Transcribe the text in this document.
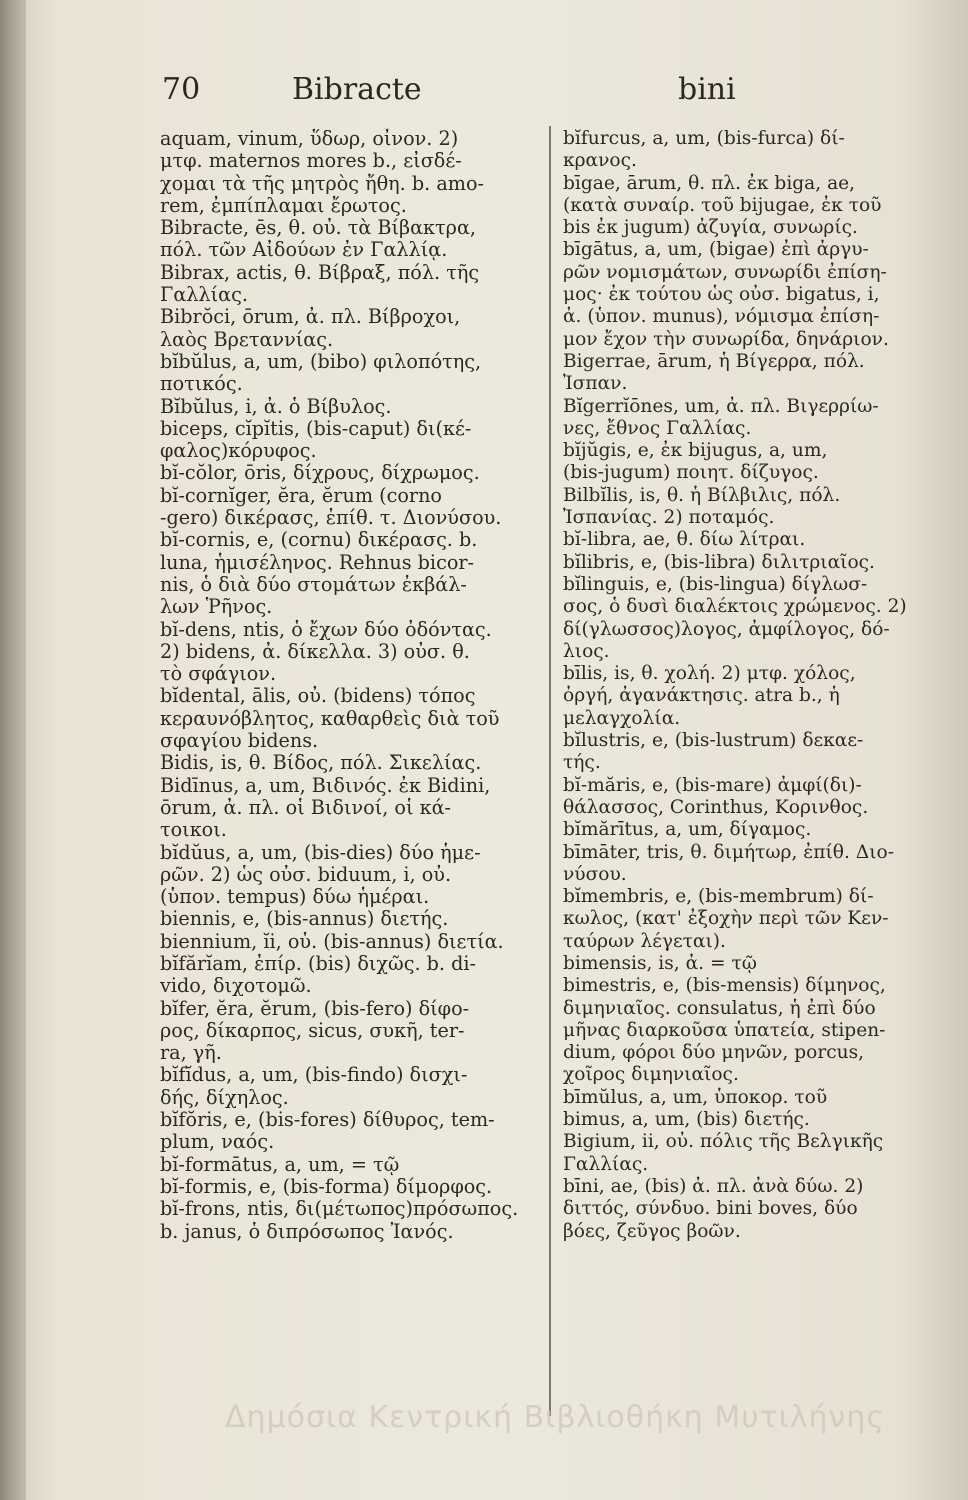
70	Bibracte	bini
aquam, vinum, ὕδωρ, οἶνον. 2)
μτφ. maternos mores b., εἰσδέ-
χομαι τὰ τῆς μητρὸς ἤθη. b. amo-
rem, ἐμπίπλαμαι ἔρωτος.
Bibracte, ēs, θ. οὐ. τὰ Βίβακτρα,
πόλ. τῶν Αἰδούων ἐν Γαλλίᾳ.
Bibrax, actis, θ. Βίβραξ, πόλ. τῆς
Γαλλίας.
Bibrŏci, ōrum, ἀ. πλ. Βίβροχοι,
λαὸς Βρεταννίας.
bĭbŭlus, a, um, (bibo) φιλοπότης,
ποτικός.
Bĭbŭlus, i, ἀ. ὁ Βίβυλος.
biceps, cĭpĭtis, (bis-caput) δι(κέ-
φαλος)κόρυφος.
bĭ-cŏlor, ōris, δίχρους, δίχρωμος.
bĭ-cornĭger, ĕra, ĕrum (corno
-gero) δικέρασς, ἐπίθ. τ. Διονύσου.
bĭ-cornis, e, (cornu) δικέρασς. b.
luna, ἡμισέληνος. Rehnus bicor-
nis, ὁ διὰ δύο στομάτων ἐκβάλ-
λων Ῥῆνος.
bĭ-dens, ntis, ὁ ἔχων δύο ὀδόντας.
2) bidens, ἀ. δίκελλα. 3) οὐσ. θ.
τὸ σφάγιον.
bĭdental, ālis, οὐ. (bidens) τόπος
κεραυνόβλητος, καθαρθεὶς διὰ τοῦ
σφαγίου bidens.
Bidis, is, θ. Βίδος, πόλ. Σικελίας.
Bidīnus, a, um, Βιδινός. ἐκ Bidini,
ōrum, ἀ. πλ. οἱ Βιδινοί, οἱ κά-
τοικοι.
bĭdŭus, a, um, (bis-dies) δύο ἡμε-
ρῶν. 2) ὡς οὐσ. biduum, i, οὐ.
(ὑπον. tempus) δύω ἡμέραι.
biennis, e, (bis-annus) διετής.
biennium, ĭi, οὐ. (bis-annus) διετία.
bĭfărĭam, ἐπίρ. (bis) διχῶς. b. di-
vido, διχοτομῶ.
bĭfer, ĕra, ĕrum, (bis-fero) δίφο-
ρος, δίκαρπος, sicus, συκῆ, ter-
ra, γῆ.
bĭfĭdus, a, um, (bis-findo) δισχι-
δής, δίχηλος.
bĭfŏris, e, (bis-fores) δίθυρος, tem-
plum, ναός.
bĭ-formātus, a, um, = τῷ
bĭ-formis, e, (bis-forma) δίμορφος.
bĭ-frons, ntis, δι(μέτωπος)πρόσωπος.
b. janus, ὁ διπρόσωπος Ἰανός.
bĭfurcus, a, um, (bis-furca) δί-
κρανος.
bīgae, ārum, θ. πλ. ἐκ biga, ae,
(κατὰ συναίρ. τοῦ bijugae, ἐκ τοῦ
bis ἐκ jugum) ἀζυγία, συνωρίς.
bīgātus, a, um, (bigae) ἐπὶ ἀργυ-
ρῶν νομισμάτων, συνωρίδι ἐπίση-
μος· ἐκ τούτου ὡς οὐσ. bigatus, i,
ἀ. (ὑπον. munus), νόμισμα ἐπίση-
μον ἔχον τὴν συνωρίδα, δηνάριον.
Bigerrae, ārum, ἡ Βίγερρα, πόλ.
Ἰσπαν.
Bĭgerrĭōnes, um, ἀ. πλ. Βιγερρίω-
νες, ἔθνος Γαλλίας.
bĭjŭgis, e, ἐκ bijugus, a, um,
(bis-jugum) ποιητ. δίζυγος.
Bilbĭlis, is, θ. ἡ Βίλβιλις, πόλ.
Ἰσπανίας. 2) ποταμός.
bĭ-libra, ae, θ. δίω λίτραι.
bĭlibris, e, (bis-libra) διλιτριαῖος.
bĭlinguis, e, (bis-lingua) δίγλωσ-
σος, ὁ δυσὶ διαλέκτοις χρώμενος. 2)
δί(γλωσσος)λογος, ἀμφίλογος, δό-
λιος.
bīlis, is, θ. χολή. 2) μτφ. χόλος,
ὀργή, ἀγανάκτησις. atra b., ἡ
μελαγχολία.
bĭlustris, e, (bis-lustrum) δεκαε-
τής.
bĭ-măris, e, (bis-mare) ἀμφί(δι)-
θάλασσος, Corinthus, Κορινθος.
bĭmărītus, a, um, δίγαμος.
bīmāter, tris, θ. διμήτωρ, ἐπίθ. Διο-
νύσου.
bĭmembris, e, (bis-membrum) δί-
κωλος, (κατ' ἐξοχὴν περὶ τῶν Κεν-
ταύρων λέγεται).
bimensis, is, ἀ. = τῷ
bimestris, e, (bis-mensis) δίμηνος,
διμηνιαῖος. consulatus, ἡ ἐπὶ δύο
μῆνας διαρκοῦσα ὑπατεία, stipen-
dium, φόροι δύο μηνῶν, porcus,
χοῖρος διμηνιαῖος.
bīmŭlus, a, um, ὑποκορ. τοῦ
bimus, a, um, (bis) διετής.
Bigium, ii, οὐ. πόλις τῆς Βελγικῆς
Γαλλίας.
bīni, ae, (bis) ἀ. πλ. ἀνὰ δύω. 2)
διττός, σύνδυο. bini boves, δύο
βόες, ζεῦγος βοῶν.
Δημόσια Κεντρική Βιβλιοθήκη Μυτιλήνης
